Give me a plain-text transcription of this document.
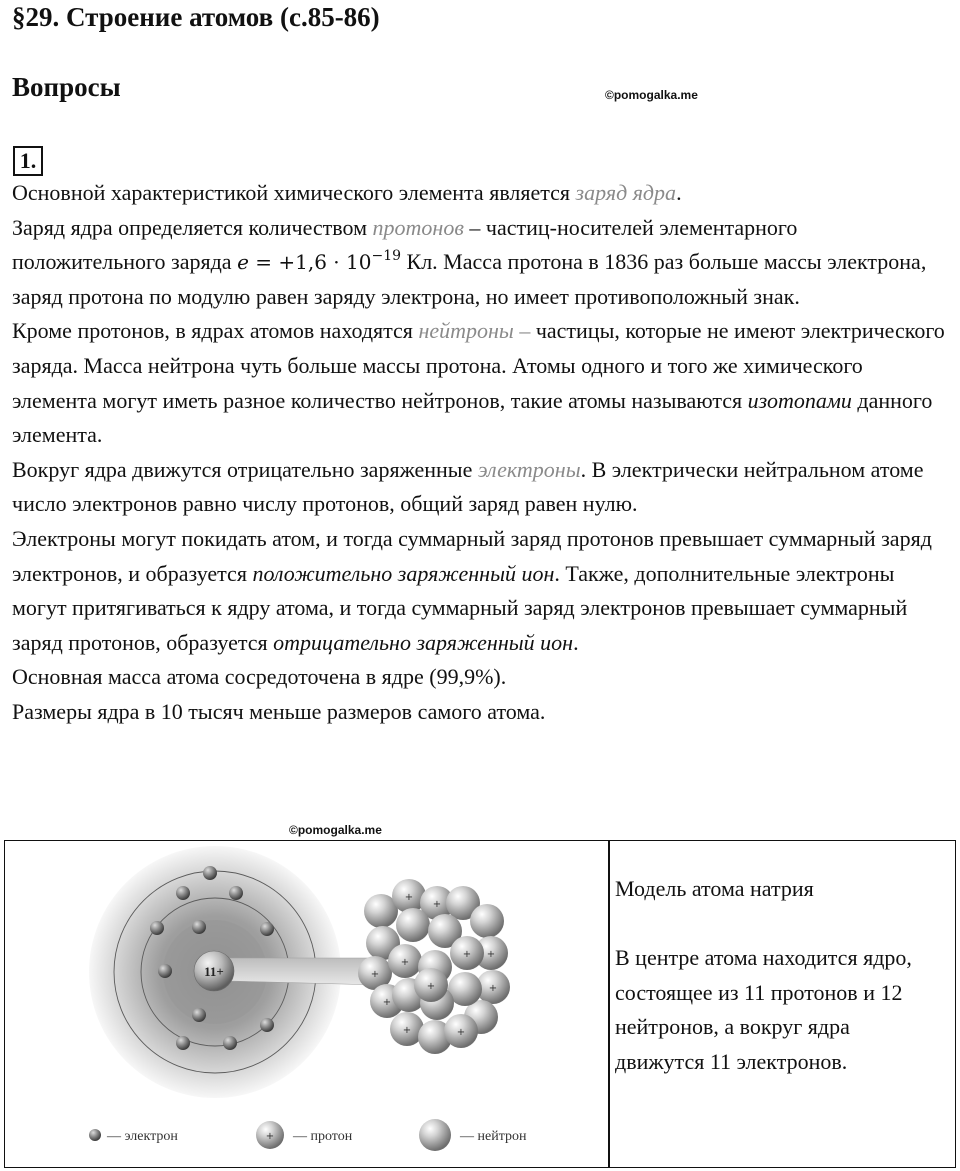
§29. Строение атомов (с.85-86)
Вопросы	©pomogalka.me
1.

Основной характеристикой химического элемента является заряд ядра.

Заряд ядра определяется количеством протонов – частиц-носителей элементарного положительного заряда $e = +1,6 \cdot 10^{-19}$ Кл. Масса протона в 1836 раз больше массы электрона, заряд протона по модулю равен заряду электрона, но имеет противоположный знак.

Кроме протонов, в ядрах атомов находятся нейтроны – частицы, которые не имеют электрического заряда. Масса нейтрона чуть больше массы протона. Атомы одного и того же химического элемента могут иметь разное количество нейтронов, такие атомы называются изотопами данного элемента.

Вокруг ядра движутся отрицательно заряженные электроны. В электрически нейтральном атоме число электронов равно числу протонов, общий заряд равен нулю.

Электроны могут покидать атом, и тогда суммарный заряд протонов превышает суммарный заряд электронов, и образуется положительно заряженный ион. Также, дополнительные электроны могут притягиваться к ядру атома, и тогда суммарный заряд электронов превышает суммарный заряд протонов, образуется отрицательно заряженный ион.

Основная масса атома сосредоточена в ядре (99,9%).

Размеры ядра в 10 тысяч меньше размеров самого атома.

©pomogalka.me
11+
+
+
+
+
+
+	+
+	+
+
+
— электрон	+ — протон	— нейтрон

Модель атома натрия

В центре атома находится ядро, состоящее из 11 протонов и 12 нейтронов, а вокруг ядра движутся 11 электронов.
